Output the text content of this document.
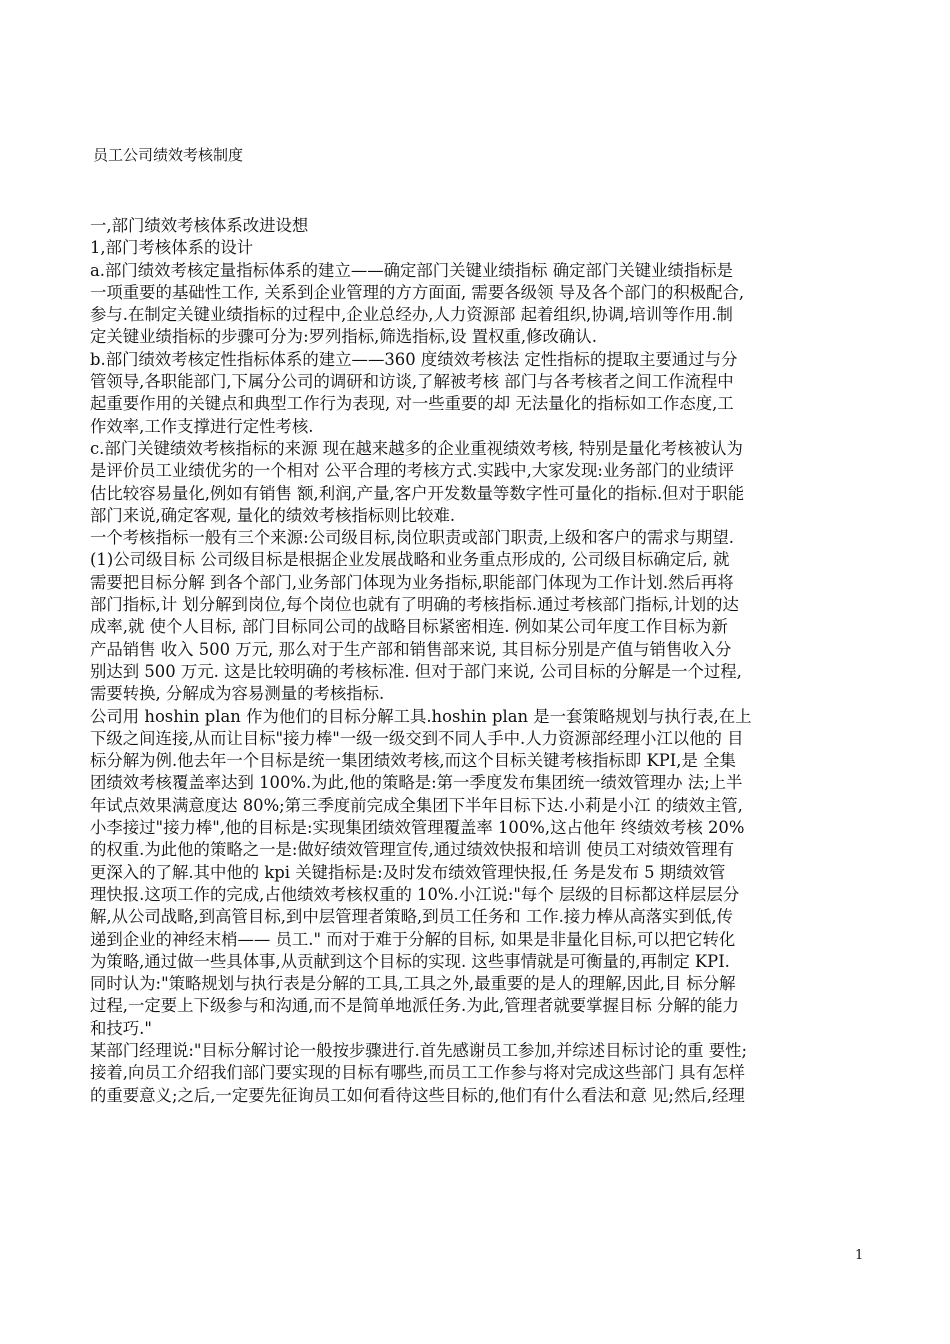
员工公司绩效考核制度
一,部门绩效考核体系改进设想
1,部门考核体系的设计
a.部门绩效考核定量指标体系的建立——确定部门关键业绩指标 确定部门关键业绩指标是
一项重要的基础性工作, 关系到企业管理的方方面面, 需要各级领 导及各个部门的积极配合,
参与.在制定关键业绩指标的过程中,企业总经办,人力资源部 起着组织,协调,培训等作用.制
定关键业绩指标的步骤可分为:罗列指标,筛选指标,设 置权重,修改确认.
b.部门绩效考核定性指标体系的建立——360 度绩效考核法 定性指标的提取主要通过与分
管领导,各职能部门,下属分公司的调研和访谈,了解被考核 部门与各考核者之间工作流程中
起重要作用的关键点和典型工作行为表现, 对一些重要的却 无法量化的指标如工作态度,工
作效率,工作支撑进行定性考核.
c.部门关键绩效考核指标的来源 现在越来越多的企业重视绩效考核, 特别是量化考核被认为
是评价员工业绩优劣的一个相对 公平合理的考核方式.实践中,大家发现:业务部门的业绩评
估比较容易量化,例如有销售 额,利润,产量,客户开发数量等数字性可量化的指标.但对于职能
部门来说,确定客观, 量化的绩效考核指标则比较难.
一个考核指标一般有三个来源:公司级目标,岗位职责或部门职责,上级和客户的需求与期望.
(1)公司级目标 公司级目标是根据企业发展战略和业务重点形成的, 公司级目标确定后, 就
需要把目标分解 到各个部门,业务部门体现为业务指标,职能部门体现为工作计划.然后再将
部门指标,计 划分解到岗位,每个岗位也就有了明确的考核指标.通过考核部门指标,计划的达
成率,就 使个人目标, 部门目标同公司的战略目标紧密相连. 例如某公司年度工作目标为新
产品销售 收入 500 万元, 那么对于生产部和销售部来说, 其目标分别是产值与销售收入分
别达到 500 万元. 这是比较明确的考核标准. 但对于部门来说, 公司目标的分解是一个过程,
需要转换, 分解成为容易测量的考核指标.
公司用 hoshin plan 作为他们的目标分解工具.hoshin plan 是一套策略规划与执行表,在上
下级之间连接,从而让目标"接力棒"一级一级交到不同人手中.人力资源部经理小江以他的 目
标分解为例.他去年一个目标是统一集团绩效考核,而这个目标关键考核指标即 KPI,是 全集
团绩效考核覆盖率达到 100%.为此,他的策略是:第一季度发布集团统一绩效管理办 法;上半
年试点效果满意度达 80%;第三季度前完成全集团下半年目标下达.小莉是小江 的绩效主管,
小李接过"接力棒",他的目标是:实现集团绩效管理覆盖率 100%,这占他年 终绩效考核 20%
的权重.为此他的策略之一是:做好绩效管理宣传,通过绩效快报和培训 使员工对绩效管理有
更深入的了解.其中他的 kpi 关键指标是:及时发布绩效管理快报,任 务是发布 5 期绩效管
理快报.这项工作的完成,占他绩效考核权重的 10%.小江说:"每个 层级的目标都这样层层分
解,从公司战略,到高管目标,到中层管理者策略,到员工任务和 工作.接力棒从高落实到低,传
递到企业的神经末梢—— 员工." 而对于难于分解的目标, 如果是非量化目标,可以把它转化
为策略,通过做一些具体事,从贡献到这个目标的实现. 这些事情就是可衡量的,再制定 KPI.
同时认为:"策略规划与执行表是分解的工具,工具之外,最重要的是人的理解,因此,目 标分解
过程,一定要上下级参与和沟通,而不是简单地派任务.为此,管理者就要掌握目标 分解的能力
和技巧."
某部门经理说:"目标分解讨论一般按步骤进行.首先感谢员工参加,并综述目标讨论的重 要性;
接着,向员工介绍我们部门要实现的目标有哪些,而员工工作参与将对完成这些部门 具有怎样
的重要意义;之后,一定要先征询员工如何看待这些目标的,他们有什么看法和意 见;然后,经理
1
